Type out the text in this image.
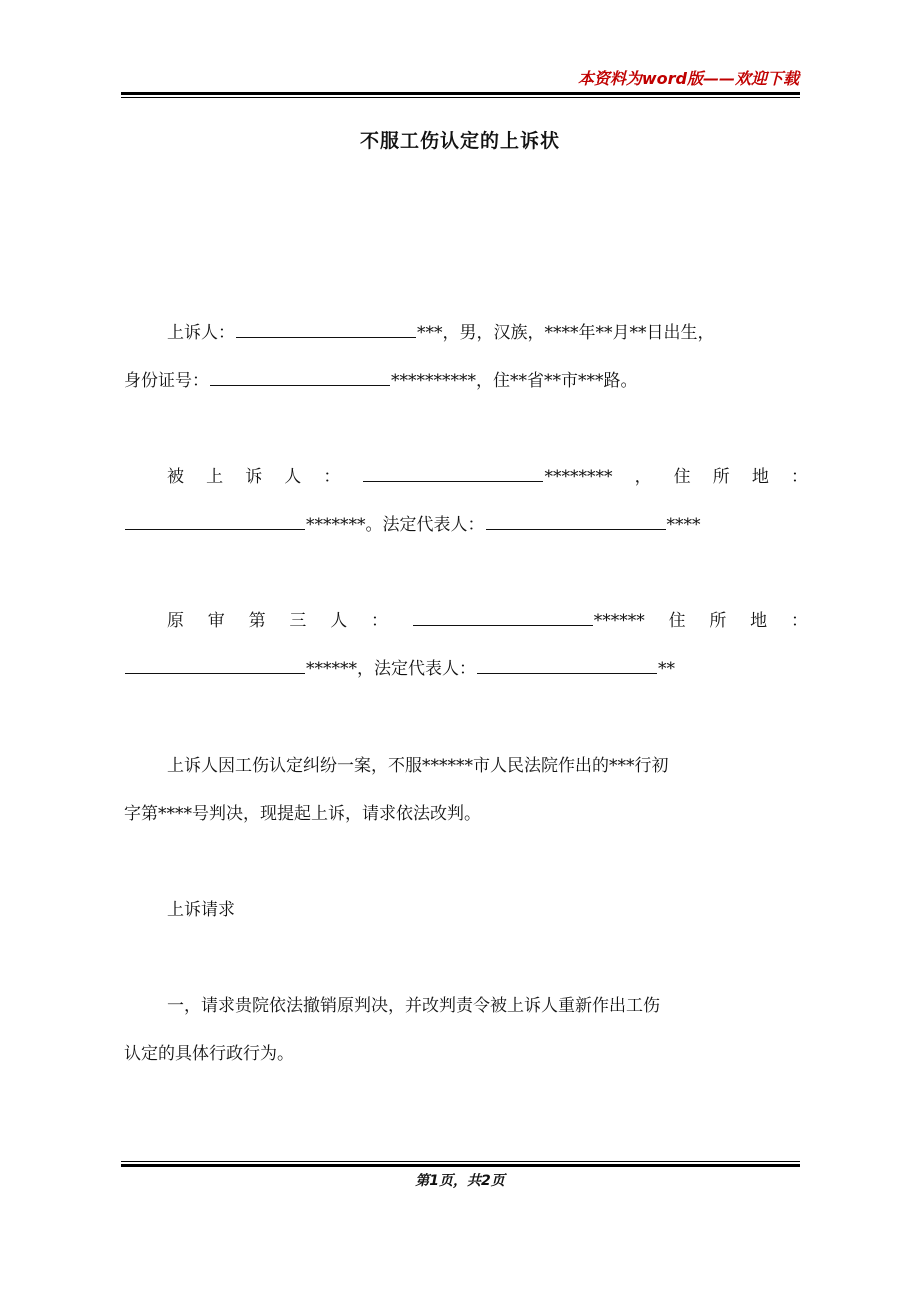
本资料为word版——欢迎下载
不服工伤认定的上诉状
上诉人：	***，男，汉族，****年**月**日出生，
身份证号：	**********，住**省**市***路。
被 上 诉 人 ：	******** ， 住 所 地 ：
*******。法定代表人：	****
原 审 第 三 人 ：	****** 住 所 地 ：
******，法定代表人：	**
上诉人因工伤认定纠纷一案，不服******市人民法院作出的***行初
字第****号判决，现提起上诉，请求依法改判。
上诉请求
一，请求贵院依法撤销原判决，并改判责令被上诉人重新作出工伤
认定的具体行政行为。
第1页，共2页
